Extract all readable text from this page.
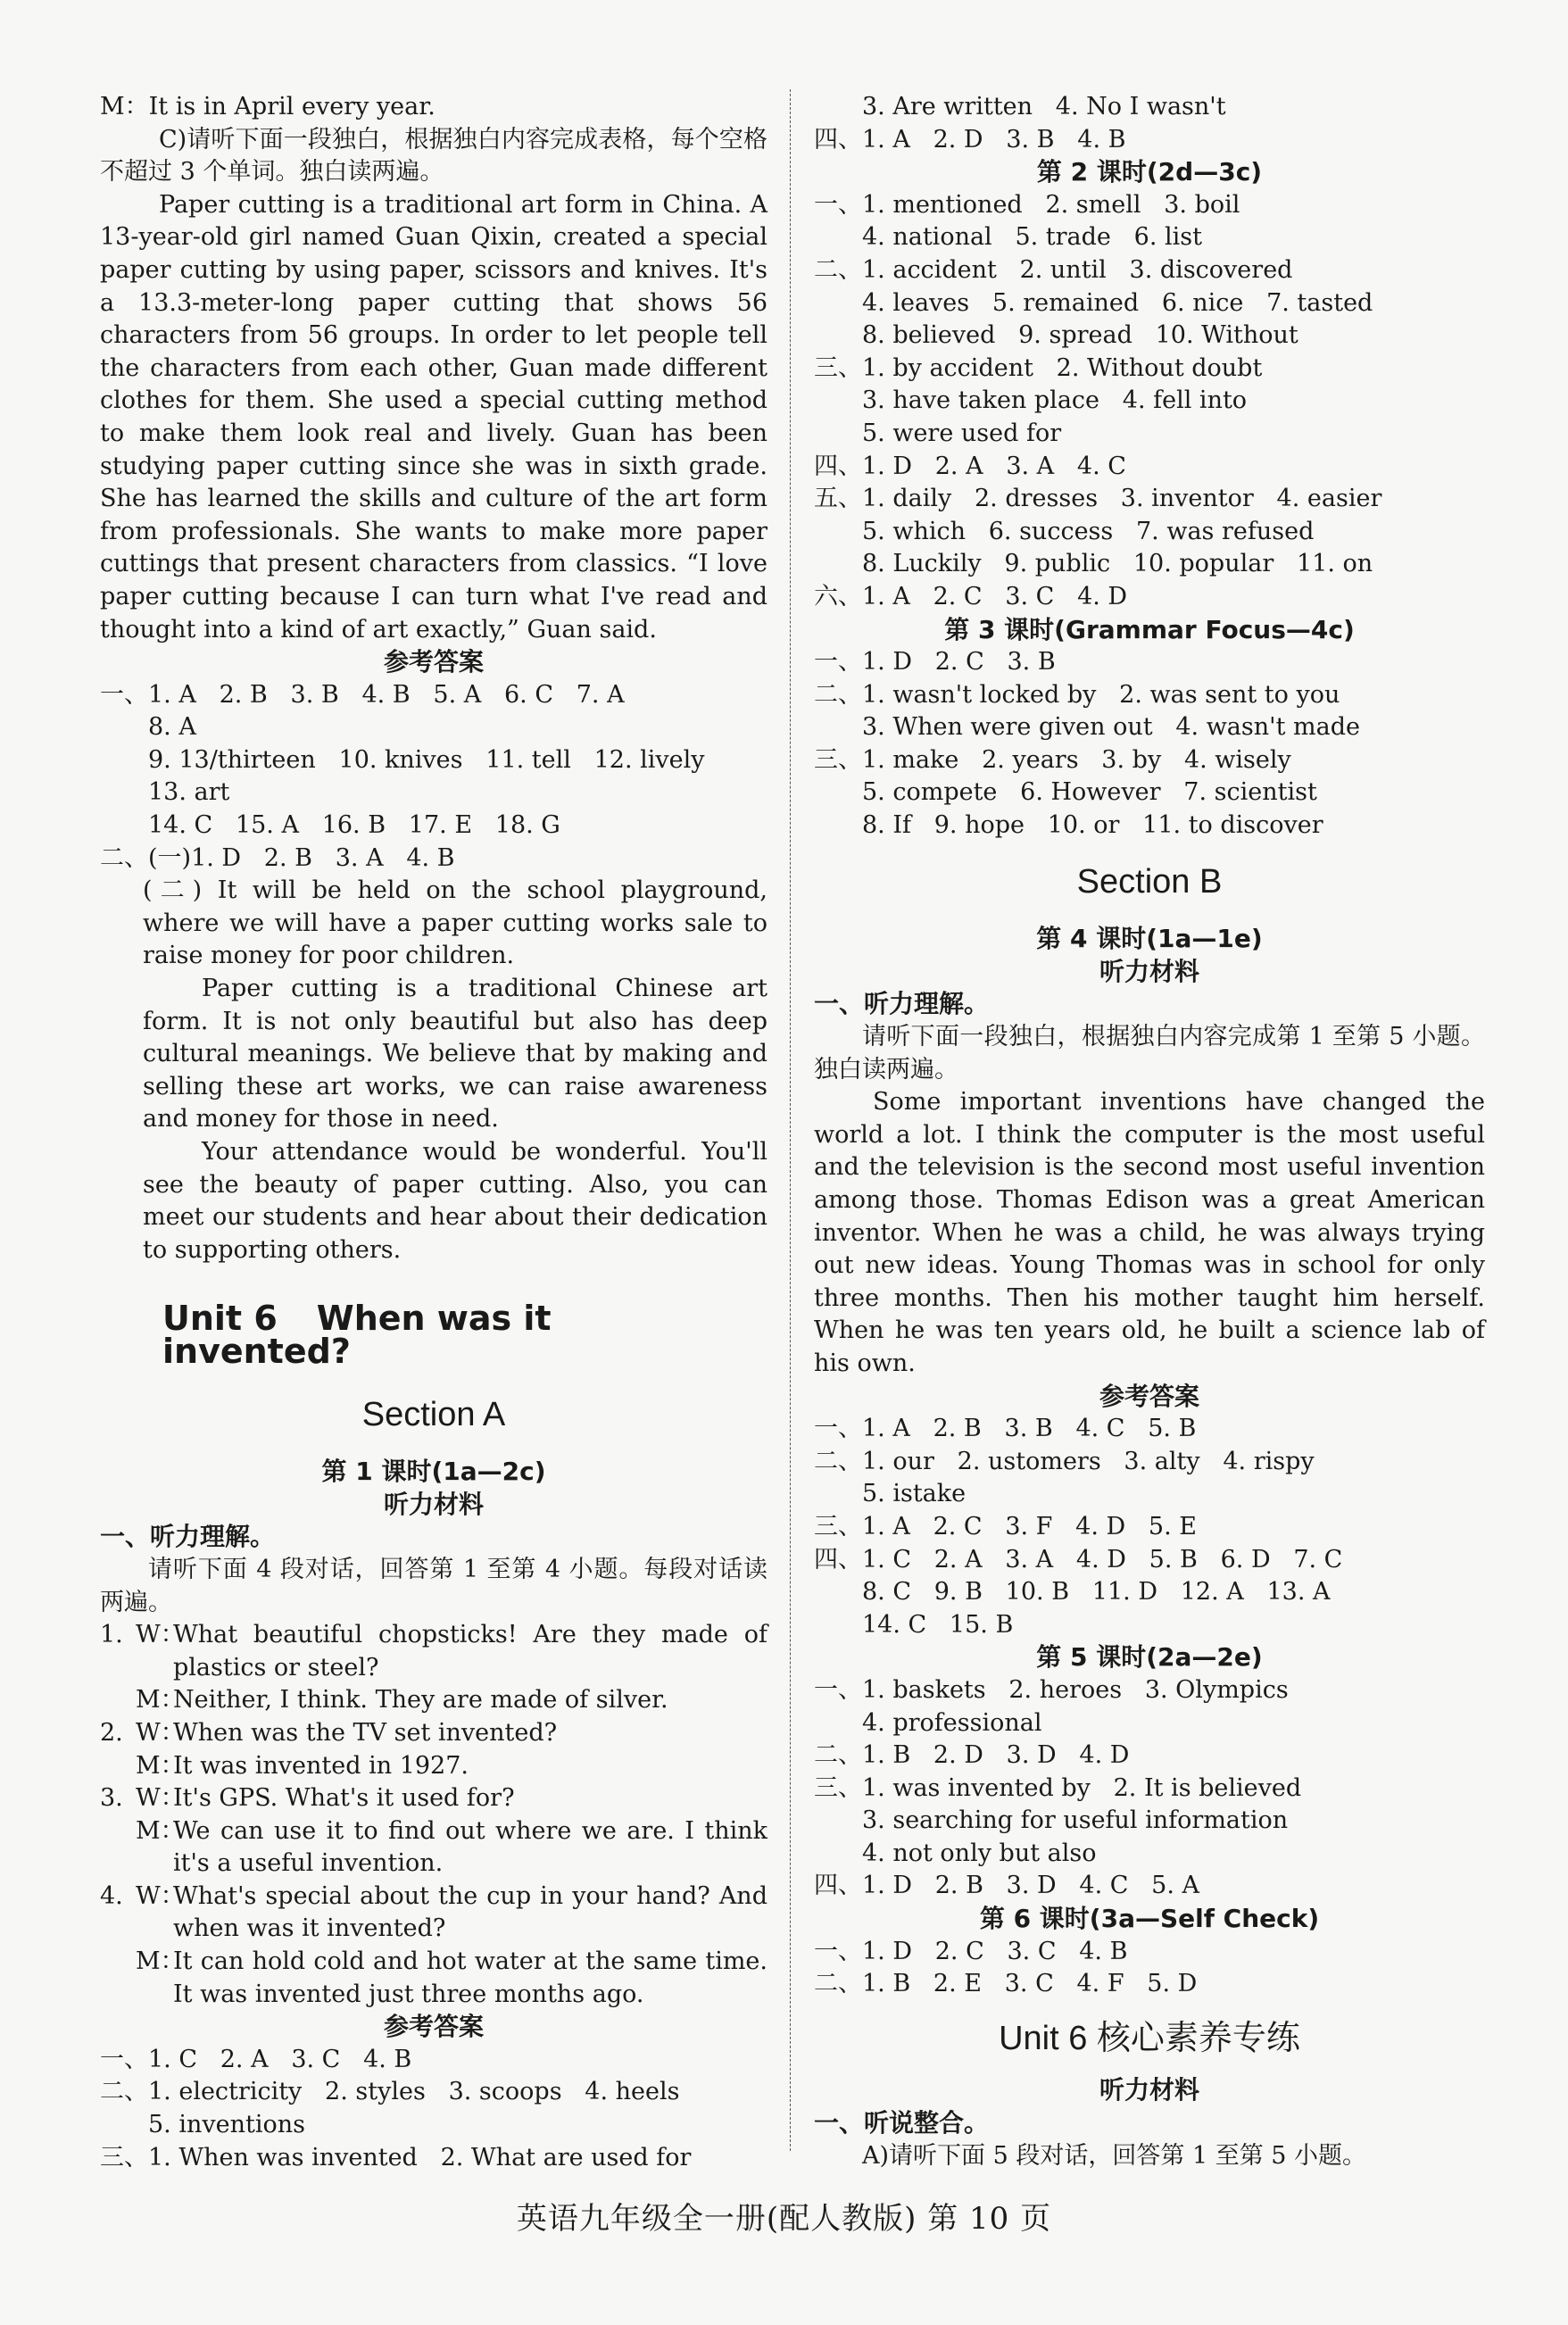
M：It is in April every year.
C)请听下面一段独白，根据独白内容完成表格，每个空格不超过 3 个单词。独白读两遍。
Paper cutting is a traditional art form in China. A 13-year-old girl named Guan Qixin, created a special paper cutting by using paper, scissors and knives. It's a 13.3-meter-long paper cutting that shows 56 characters from 56 groups. In order to let people tell the characters from each other, Guan made different clothes for them. She used a special cutting method to make them look real and lively. Guan has been studying paper cutting since she was in sixth grade. She has learned the skills and culture of the art form from professionals. She wants to make more paper cuttings that present characters from classics. “I love paper cutting because I can turn what I've read and thought into a kind of art exactly,” Guan said.
参考答案
一、1. A   2. B   3. B   4. B   5. A   6. C   7. A
8. A
9. 13/thirteen   10. knives   11. tell   12. lively
13. art
14. C   15. A   16. B   17. E   18. G
二、(一)1. D   2. B   3. A   4. B
(二) It will be held on the school playground, where we will have a paper cutting works sale to raise money for poor children.
Paper cutting is a traditional Chinese art form. It is not only beautiful but also has deep cultural meanings. We believe that by making and selling these art works, we can raise awareness and money for those in need.
Your attendance would be wonderful. You'll see the beauty of paper cutting. Also, you can meet our students and hear about their dedication to supporting others.
Unit 6 When was it invented?
Section A
第 1 课时(1a—2c)
听力材料
一、听力理解。
请听下面 4 段对话，回答第 1 至第 4 小题。每段对话读两遍。
1. W：
What beautiful chopsticks! Are they made of plastics or steel?
M：
Neither, I think. They are made of silver.
2. W：
When was the TV set invented?
M：
It was invented in 1927.
3. W：
It's GPS. What's it used for?
M：
We can use it to find out where we are. I think it's a useful invention.
4. W：
What's special about the cup in your hand? And when was it invented?
M：
It can hold cold and hot water at the same time. It was invented just three months ago.
参考答案
一、1. C   2. A   3. C   4. B
二、1. electricity   2. styles   3. scoops   4. heels
5. inventions
三、1. When was invented   2. What are used for
3. Are written   4. No I wasn't
四、1. A   2. D   3. B   4. B
第 2 课时(2d—3c)
一、1. mentioned   2. smell   3. boil
4. national   5. trade   6. list
二、1. accident   2. until   3. discovered
4. leaves   5. remained   6. nice   7. tasted
8. believed   9. spread   10. Without
三、1. by accident   2. Without doubt
3. have taken place   4. fell into
5. were used for
四、1. D   2. A   3. A   4. C
五、1. daily   2. dresses   3. inventor   4. easier
5. which   6. success   7. was refused
8. Luckily   9. public   10. popular   11. on
六、1. A   2. C   3. C   4. D
第 3 课时(Grammar Focus—4c)
一、1. D   2. C   3. B
二、1. wasn't locked by   2. was sent to you
3. When were given out   4. wasn't made
三、1. make   2. years   3. by   4. wisely
5. compete   6. However   7. scientist
8. If   9. hope   10. or   11. to discover
Section B
第 4 课时(1a—1e)
听力材料
一、听力理解。
请听下面一段独白，根据独白内容完成第 1 至第 5 小题。独白读两遍。
Some important inventions have changed the world a lot. I think the computer is the most useful and the television is the second most useful invention among those. Thomas Edison was a great American inventor. When he was a child, he was always trying out new ideas. Young Thomas was in school for only three months. Then his mother taught him herself. When he was ten years old, he built a science lab of his own.
参考答案
一、1. A   2. B   3. B   4. C   5. B
二、1. our   2. ustomers   3. alty   4. rispy
5. istake
三、1. A   2. C   3. F   4. D   5. E
四、1. C   2. A   3. A   4. D   5. B   6. D   7. C
8. C   9. B   10. B   11. D   12. A   13. A
14. C   15. B
第 5 课时(2a—2e)
一、1. baskets   2. heroes   3. Olympics
4. professional
二、1. B   2. D   3. D   4. D
三、1. was invented by   2. It is believed
3. searching for useful information
4. not only but also
四、1. D   2. B   3. D   4. C   5. A
第 6 课时(3a—Self Check)
一、1. D   2. C   3. C   4. B
二、1. B   2. E   3. C   4. F   5. D
Unit 6 核心素养专练
听力材料
一、听说整合。
A)请听下面 5 段对话，回答第 1 至第 5 小题。
英语九年级全一册(配人教版) 第 10 页
